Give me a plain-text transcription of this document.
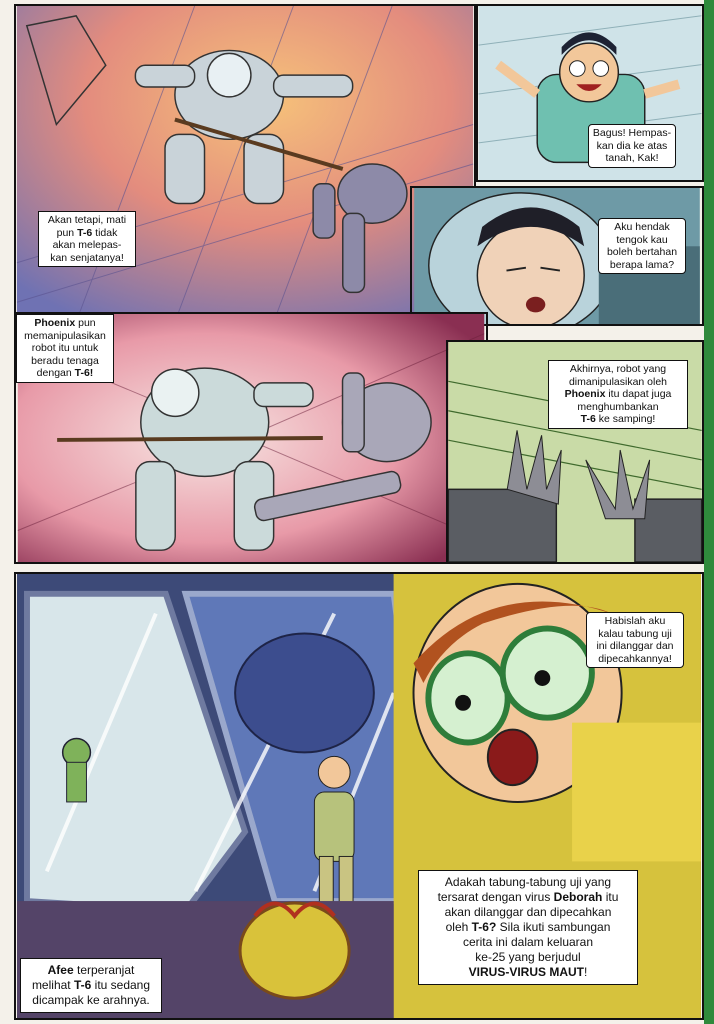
Akan tetapi, mati
pun T-6 tidak
akan melepas-
kan senjatanya!
Bagus! Hempas-
kan dia ke atas
tanah, Kak!
Aku hendak
tengok kau
boleh bertahan
berapa lama?
Phoenix pun
memanipulasikan
robot itu untuk
beradu tenaga
dengan T-6!	Akhirnya, robot yang
dimanipulasikan oleh
Phoenix itu dapat juga
menghumbankan
T-6 ke samping!
Habislah aku
kalau tabung uji
ini dilanggar dan
dipecahkannya!
Afee terperanjat
melihat T-6 itu sedang
dicampak ke arahnya.
Adakah tabung-tabung uji yang
tersarat dengan virus Deborah itu
akan dilanggar dan dipecahkan
oleh T-6? Sila ikuti sambungan
cerita ini dalam keluaran
ke-25 yang berjudul
VIRUS-VIRUS MAUT!
